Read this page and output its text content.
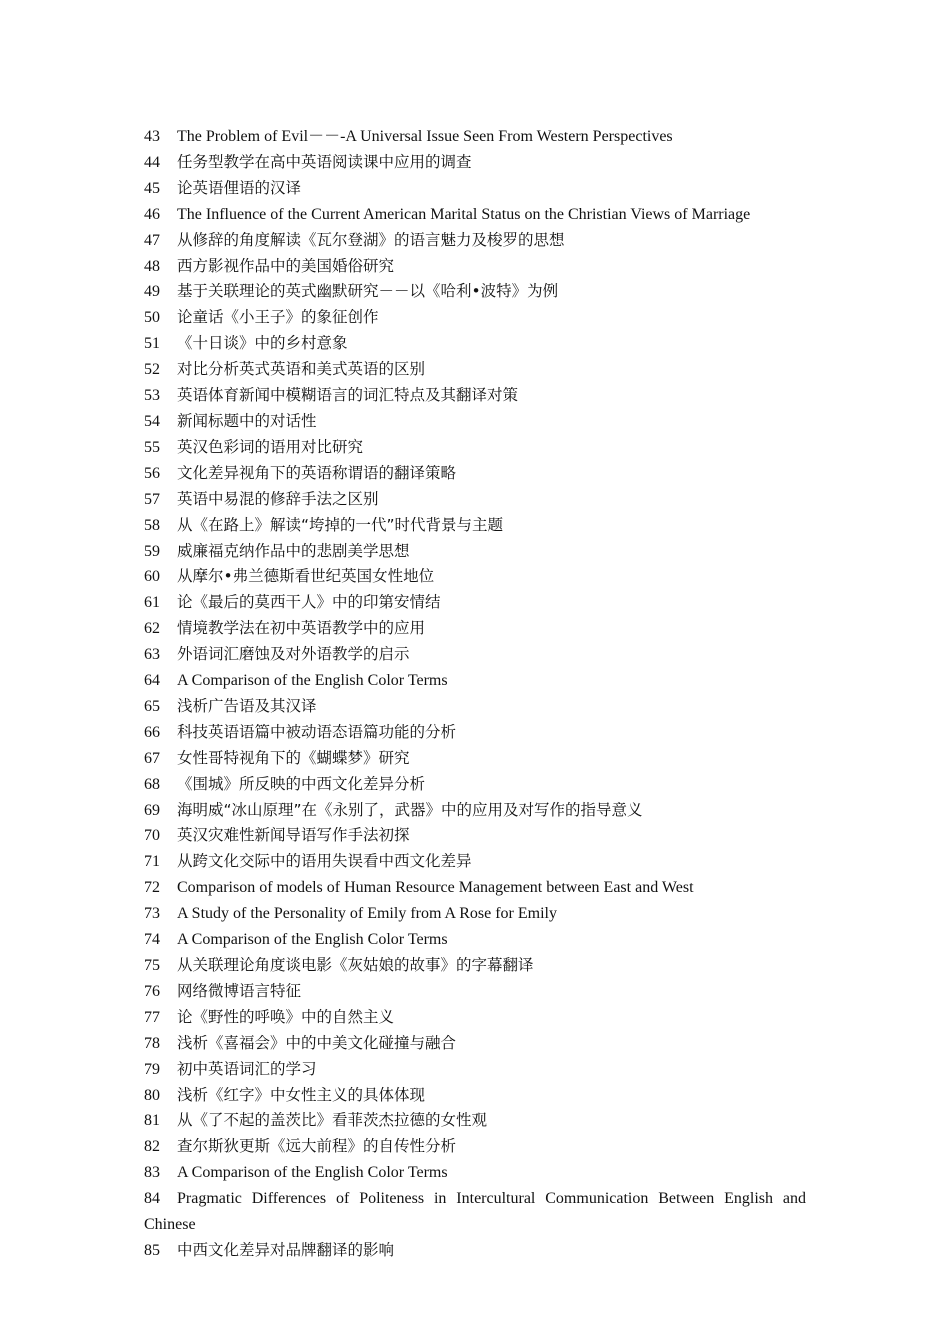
43 The Problem of Evil－－-A Universal Issue Seen From Western Perspectives

44 任务型教学在高中英语阅读课中应用的调查

45 论英语俚语的汉译

46 The Influence of the Current American Marital Status on the Christian Views of Marriage

47 从修辞的角度解读《瓦尔登湖》的语言魅力及梭罗的思想

48 西方影视作品中的美国婚俗研究

49 基于关联理论的英式幽默研究－－以《哈利•波特》为例

50 论童话《小王子》的象征创作

51 《十日谈》中的乡村意象

52 对比分析英式英语和美式英语的区别

53 英语体育新闻中模糊语言的词汇特点及其翻译对策

54 新闻标题中的对话性

55 英汉色彩词的语用对比研究

56 文化差异视角下的英语称谓语的翻译策略

57 英语中易混的修辞手法之区别

58 从《在路上》解读“垮掉的一代”时代背景与主题

59 威廉福克纳作品中的悲剧美学思想

60 从摩尔•弗兰德斯看世纪英国女性地位

61 论《最后的莫西干人》中的印第安情结

62 情境教学法在初中英语教学中的应用

63 外语词汇磨蚀及对外语教学的启示

64 A Comparison of the English Color Terms

65 浅析广告语及其汉译

66 科技英语语篇中被动语态语篇功能的分析

67 女性哥特视角下的《蝴蝶梦》研究

68 《围城》所反映的中西文化差异分析

69 海明威“冰山原理”在《永别了，武器》中的应用及对写作的指导意义

70 英汉灾难性新闻导语写作手法初探

71 从跨文化交际中的语用失误看中西文化差异

72 Comparison of models of Human Resource Management between East and West

73 A Study of the Personality of Emily from A Rose for Emily

74 A Comparison of the English Color Terms

75 从关联理论角度谈电影《灰姑娘的故事》的字幕翻译

76 网络微博语言特征

77 论《野性的呼唤》中的自然主义

78 浅析《喜福会》中的中美文化碰撞与融合

79 初中英语词汇的学习

80 浅析《红字》中女性主义的具体体现

81 从《了不起的盖茨比》看菲茨杰拉德的女性观

82 查尔斯狄更斯《远大前程》的自传性分析

83 A Comparison of the English Color Terms

84 Pragmatic Differences of Politeness in Intercultural Communication Between English and Chinese

85 中西文化差异对品牌翻译的影响
